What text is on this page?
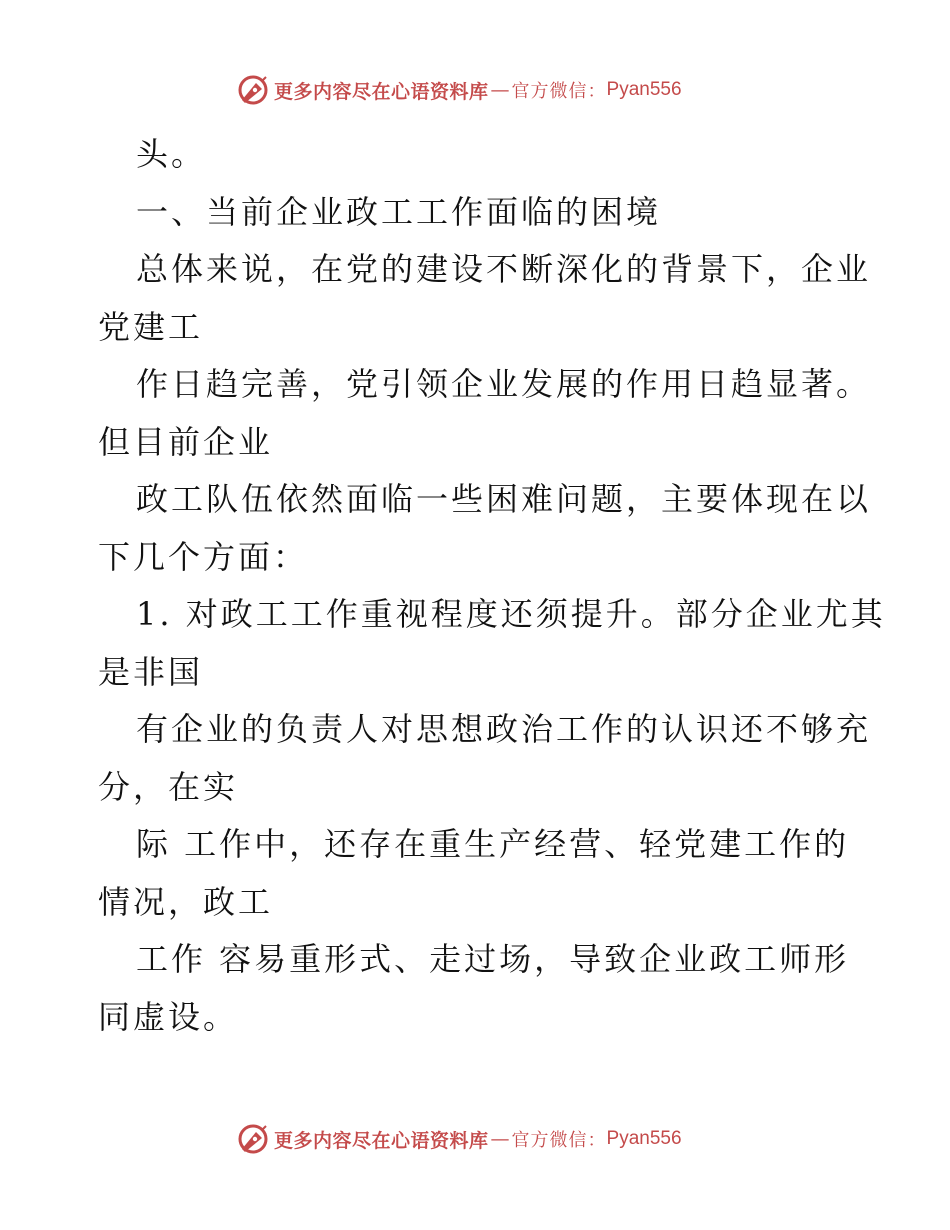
更多内容尽在心语资料库 — 官方微信： Pyan556
头。
一、当前企业政工工作面临的困境
总体来说，在党的建设不断深化的背景下，企业
党建工
作日趋完善，党引领企业发展的作用日趋显著。
但目前企业
政工队伍依然面临一些困难问题，主要体现在以
下几个方面：
1. 对政工工作重视程度还须提升。部分企业尤其
是非国
有企业的负责人对思想政治工作的认识还不够充
分，在实
际 工作中，还存在重生产经营、轻党建工作的
情况，政工
工作 容易重形式、走过场，导致企业政工师形
同虚设。
更多内容尽在心语资料库 — 官方微信： Pyan556
